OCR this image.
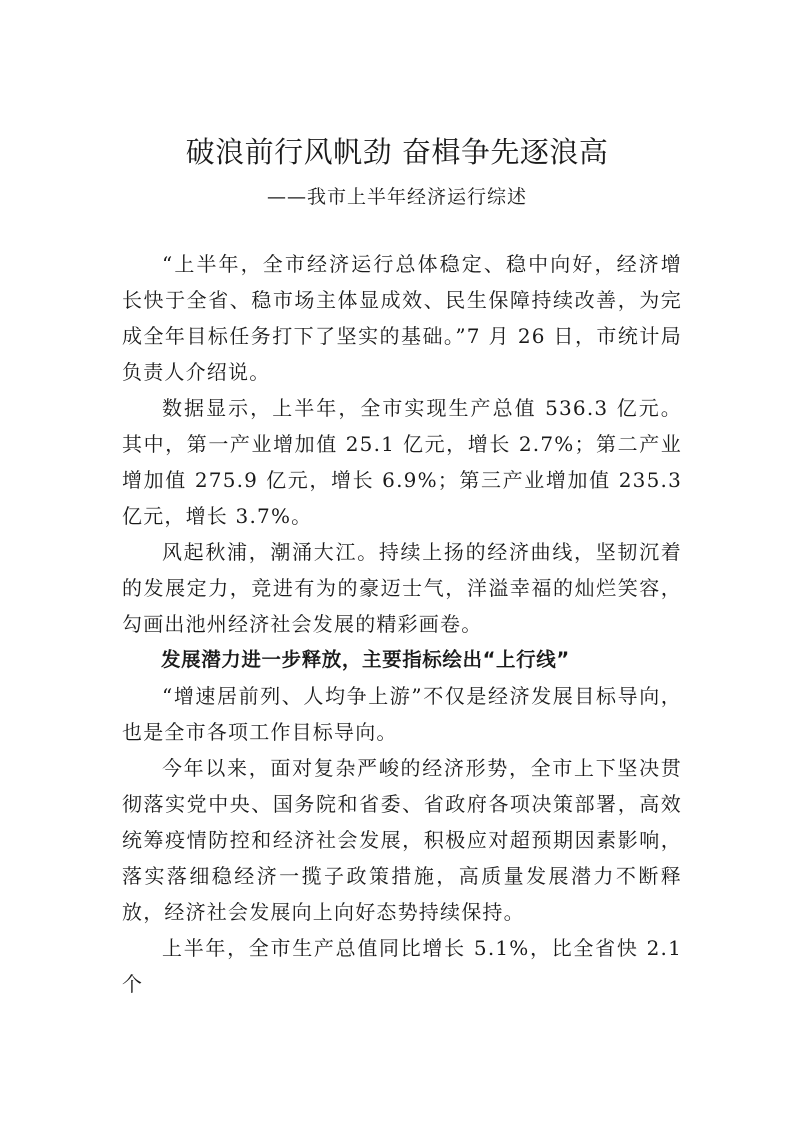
破浪前行风帆劲 奋楫争先逐浪高

——我市上半年经济运行综述

“上半年，全市经济运行总体稳定、稳中向好，经济增长快于全省、稳市场主体显成效、民生保障持续改善，为完成全年目标任务打下了坚实的基础。”7 月 26 日，市统计局负责人介绍说。

数据显示，上半年，全市实现生产总值 536.3 亿元。其中，第一产业增加值 25.1 亿元，增长 2.7%；第二产业增加值 275.9 亿元，增长 6.9%；第三产业增加值 235.3 亿元，增长 3.7%。

风起秋浦，潮涌大江。持续上扬的经济曲线，坚韧沉着的发展定力，竞进有为的豪迈士气，洋溢幸福的灿烂笑容，勾画出池州经济社会发展的精彩画卷。

发展潜力进一步释放，主要指标绘出“上行线”

“增速居前列、人均争上游”不仅是经济发展目标导向，也是全市各项工作目标导向。

今年以来，面对复杂严峻的经济形势，全市上下坚决贯彻落实党中央、国务院和省委、省政府各项决策部署，高效统筹疫情防控和经济社会发展，积极应对超预期因素影响，落实落细稳经济一揽子政策措施，高质量发展潜力不断释放，经济社会发展向上向好态势持续保持。

上半年，全市生产总值同比增长 5.1%，比全省快 2.1 个
